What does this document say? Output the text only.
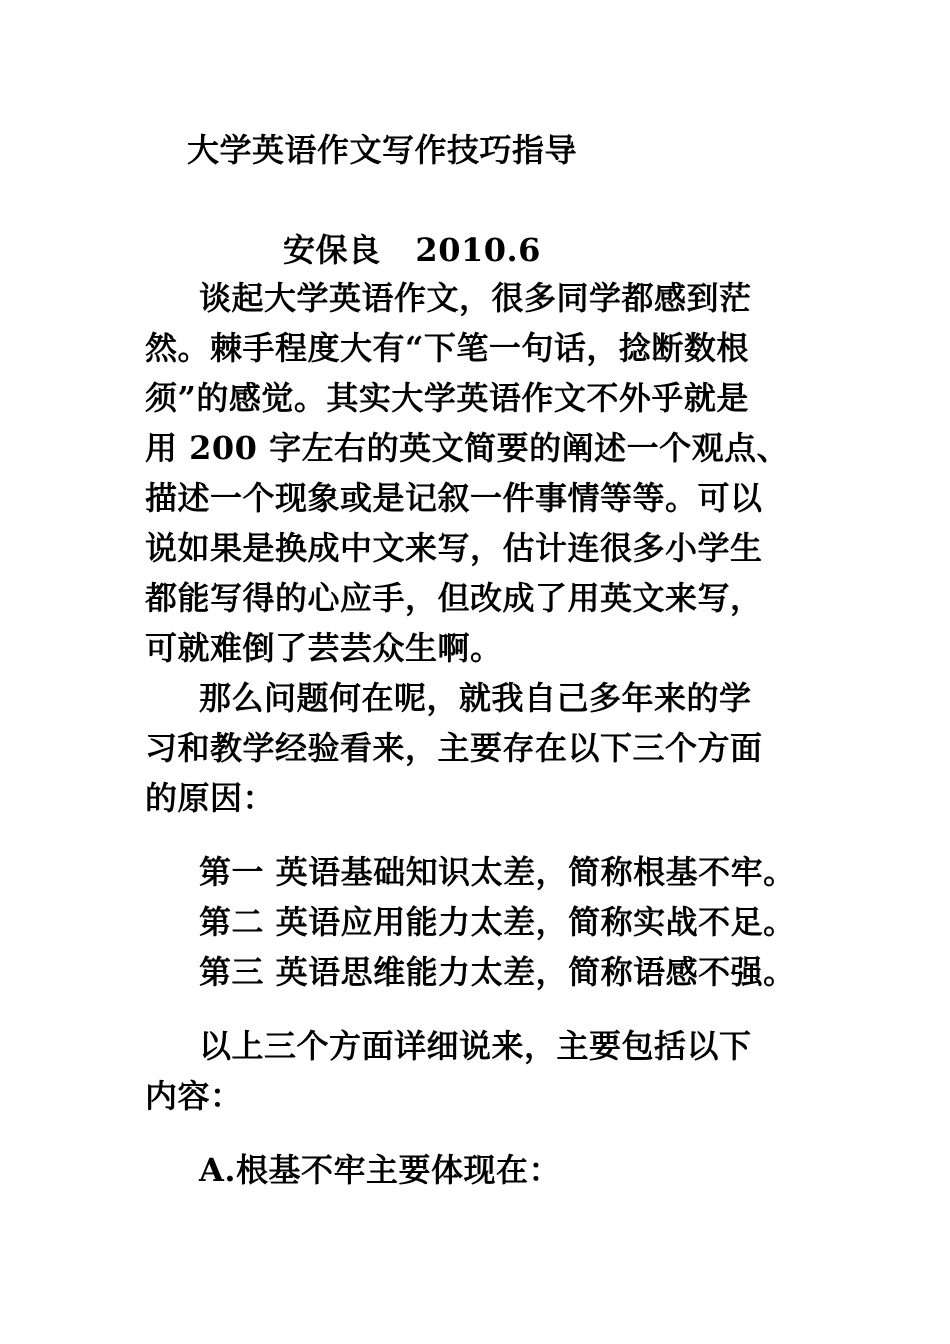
大学英语作文写作技巧指导
安保良   2010.6
谈起大学英语作文，很多同学都感到茫
然。棘手程度大有“下笔一句话，捻断数根
须”的感觉。其实大学英语作文不外乎就是
用 200 字左右的英文简要的阐述一个观点、
描述一个现象或是记叙一件事情等等。可以
说如果是换成中文来写，估计连很多小学生
都能写得的心应手，但改成了用英文来写，
可就难倒了芸芸众生啊。
那么问题何在呢，就我自己多年来的学
习和教学经验看来，主要存在以下三个方面
的原因：
第一 英语基础知识太差，简称根基不牢。
第二 英语应用能力太差，简称实战不足。
第三 英语思维能力太差，简称语感不强。
以上三个方面详细说来，主要包括以下
内容：
A.根基不牢主要体现在：
